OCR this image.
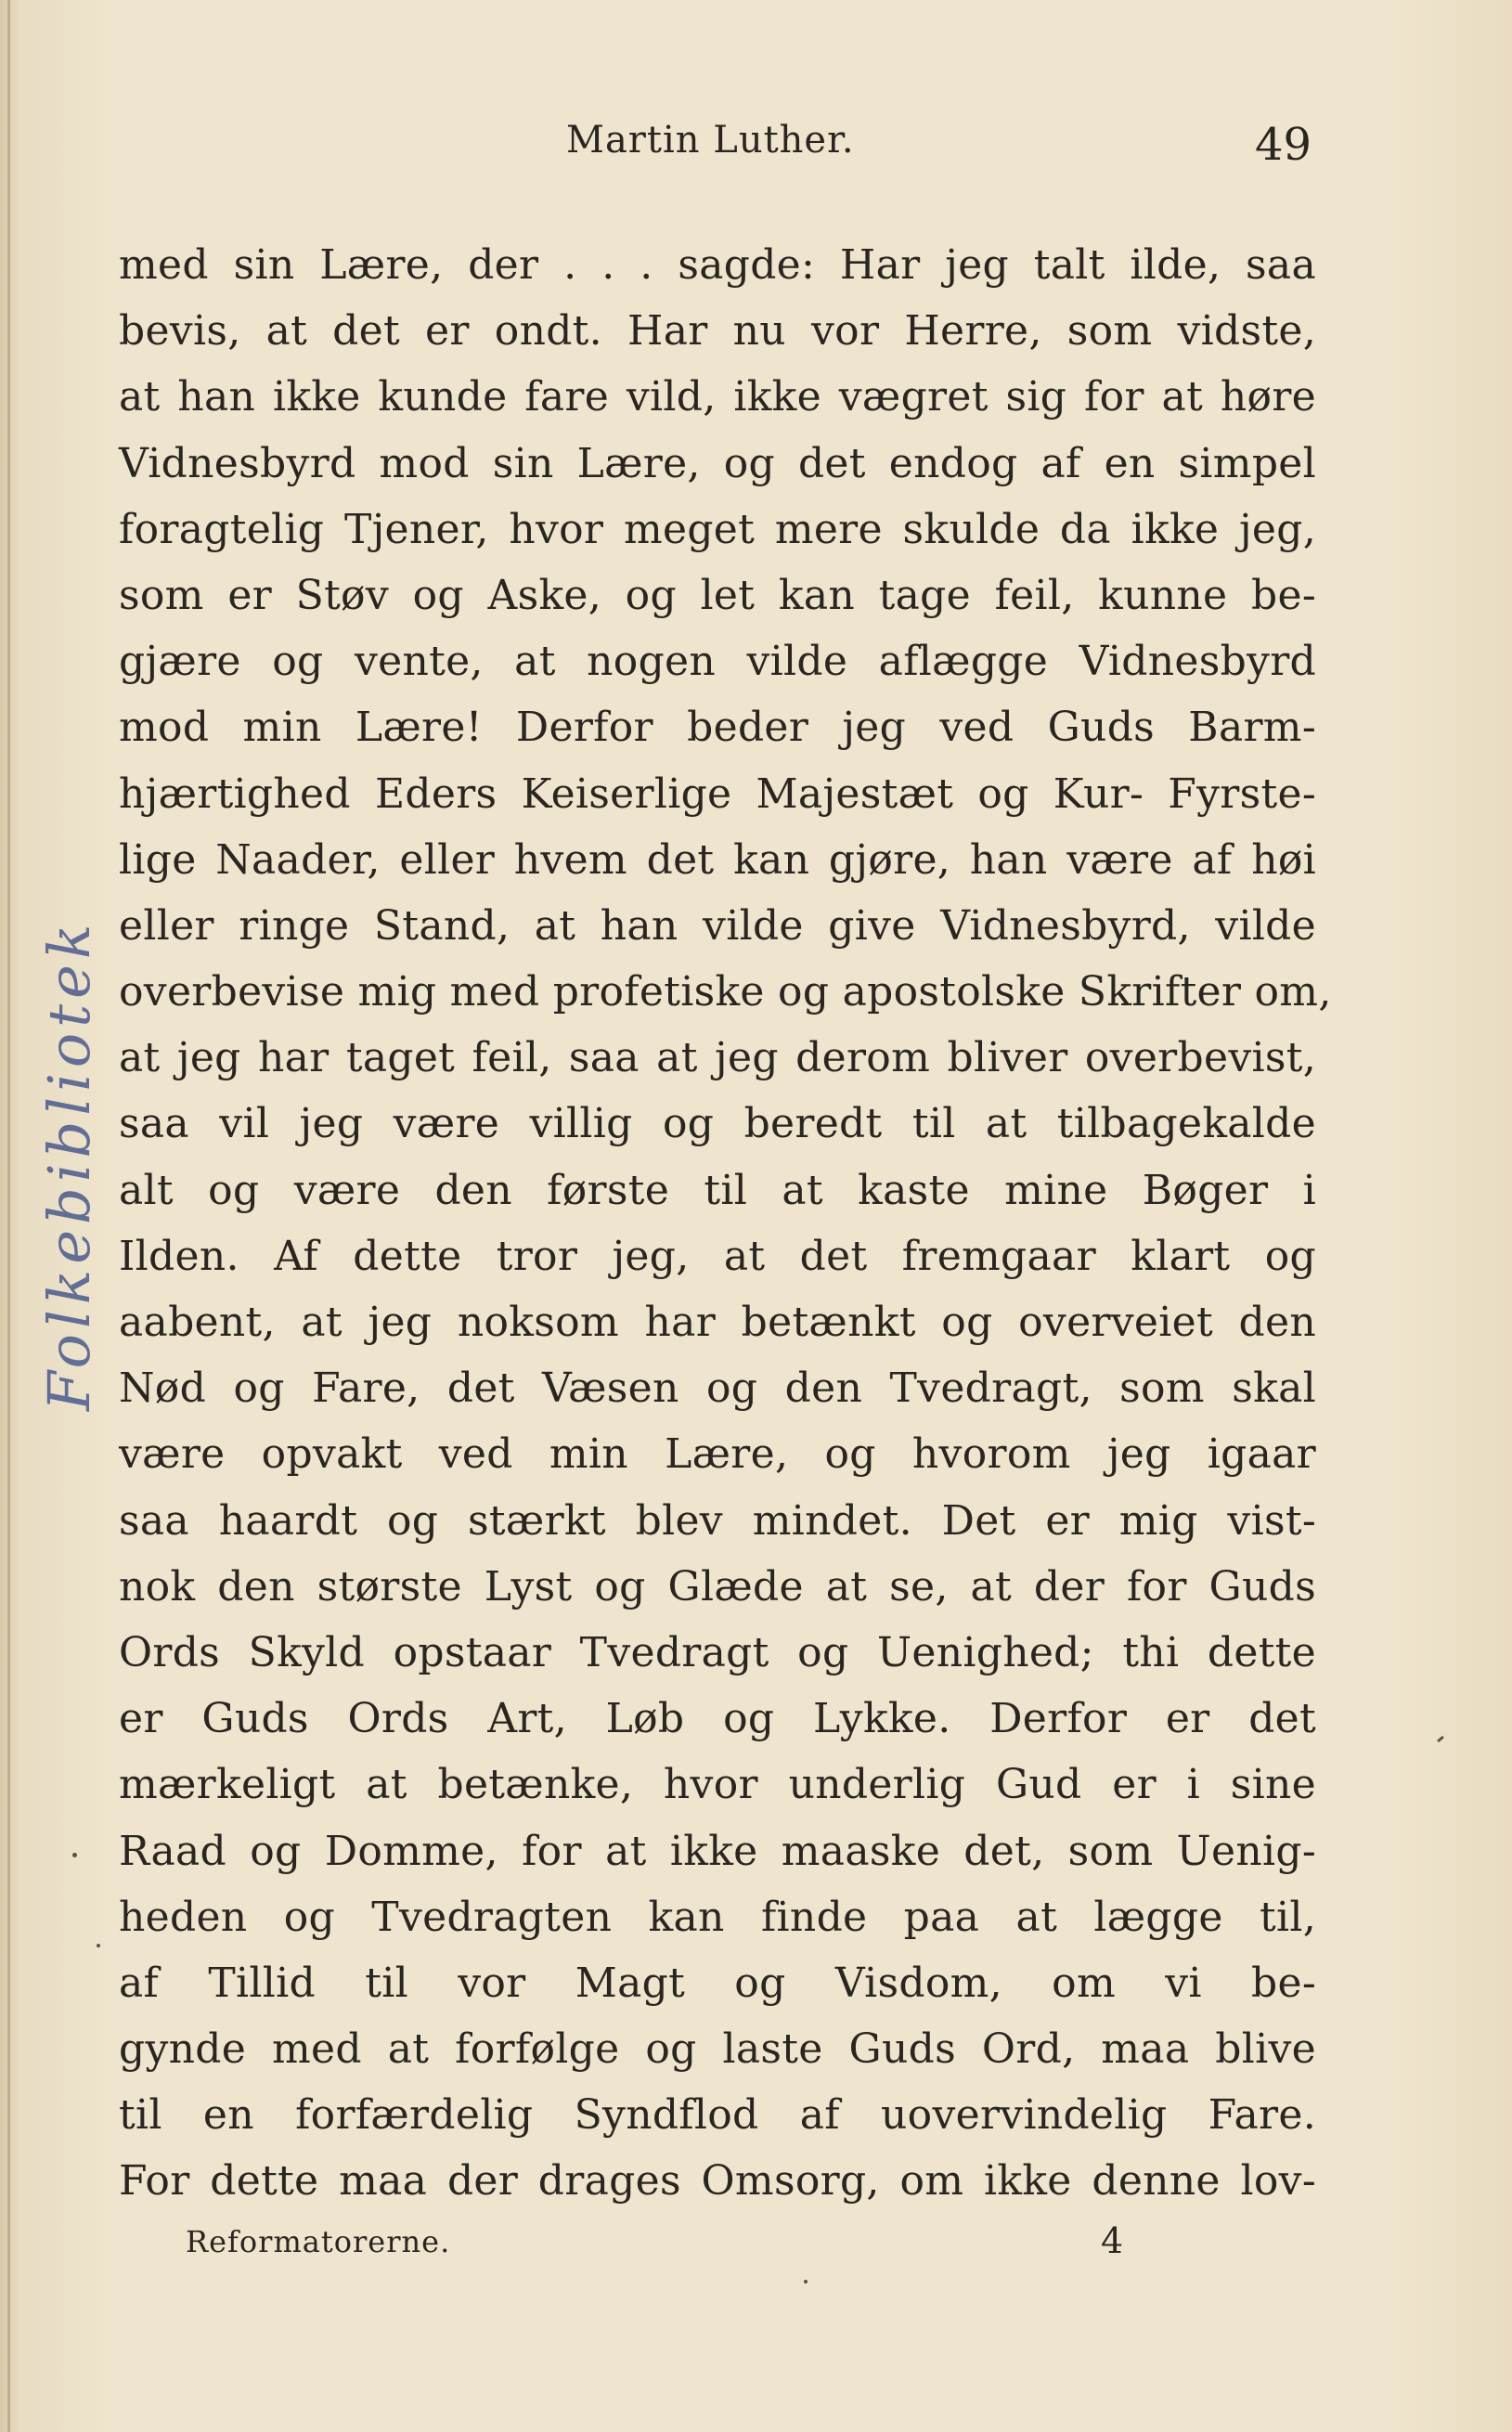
Martin Luther.	49
Folkebibliotek
med sin Lære, der . . . sagde: Har jeg talt ilde, saa
bevis, at det er ondt. Har nu vor Herre, som vidste,
at han ikke kunde fare vild, ikke vægret sig for at høre
Vidnesbyrd mod sin Lære, og det endog af en simpel
foragtelig Tjener, hvor meget mere skulde da ikke jeg,
som er Støv og Aske, og let kan tage feil, kunne be-
gjære og vente, at nogen vilde aflægge Vidnesbyrd
mod min Lære! Derfor beder jeg ved Guds Barm-
hjærtighed Eders Keiserlige Majestæt og Kur- Fyrste-
lige Naader, eller hvem det kan gjøre, han være af høi
eller ringe Stand, at han vilde give Vidnesbyrd, vilde
overbevise mig med profetiske og apostolske Skrifter om,
at jeg har taget feil, saa at jeg derom bliver overbevist,
saa vil jeg være villig og beredt til at tilbagekalde
alt og være den første til at kaste mine Bøger i
Ilden. Af dette tror jeg, at det fremgaar klart og
aabent, at jeg noksom har betænkt og overveiet den
Nød og Fare, det Væsen og den Tvedragt, som skal
være opvakt ved min Lære, og hvorom jeg igaar
saa haardt og stærkt blev mindet. Det er mig vist-
nok den største Lyst og Glæde at se, at der for Guds
Ords Skyld opstaar Tvedragt og Uenighed; thi dette
er Guds Ords Art, Løb og Lykke. Derfor er det
mærkeligt at betænke, hvor underlig Gud er i sine
Raad og Domme, for at ikke maaske det, som Uenig-
heden og Tvedragten kan finde paa at lægge til,
af Tillid til vor Magt og Visdom, om vi be-
gynde med at forfølge og laste Guds Ord, maa blive
til en forfærdelig Syndflod af uovervindelig Fare.
For dette maa der drages Omsorg, om ikke denne lov-
Reformatorerne.	4
